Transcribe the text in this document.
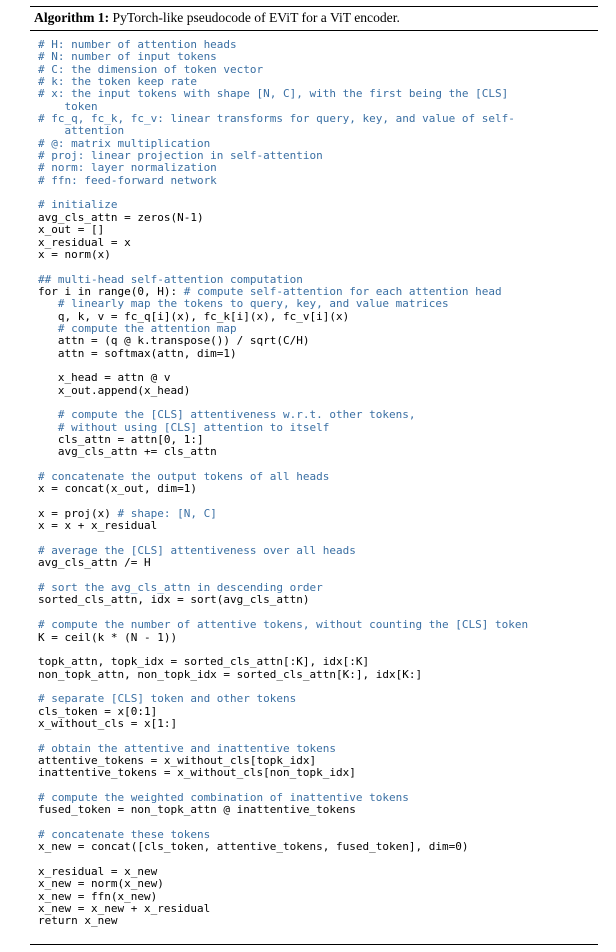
Algorithm 1: PyTorch-like pseudocode of EViT for a ViT encoder.
# H: number of attention heads
# N: number of input tokens
# C: the dimension of token vector
# k: the token keep rate
# x: the input tokens with shape [N, C], with the first being the [CLS]
token
# fc_q, fc_k, fc_v: linear transforms for query, key, and value of self-
attention
# @: matrix multiplication
# proj: linear projection in self-attention
# norm: layer normalization
# ffn: feed-forward network
# initialize
avg_cls_attn = zeros(N-1)
x_out = []
x_residual = x
x = norm(x)
## multi-head self-attention computation
for i in range(0, H): # compute self-attention for each attention head
# linearly map the tokens to query, key, and value matrices
q, k, v = fc_q[i](x), fc_k[i](x), fc_v[i](x)
# compute the attention map
attn = (q @ k.transpose()) / sqrt(C/H)
attn = softmax(attn, dim=1)
x_head = attn @ v
x_out.append(x_head)
# compute the [CLS] attentiveness w.r.t. other tokens,
# without using [CLS] attention to itself
cls_attn = attn[0, 1:]
avg_cls_attn += cls_attn
# concatenate the output tokens of all heads
x = concat(x_out, dim=1)
x = proj(x) # shape: [N, C]
x = x + x_residual
# average the [CLS] attentiveness over all heads
avg_cls_attn /= H
# sort the avg_cls_attn in descending order
sorted_cls_attn, idx = sort(avg_cls_attn)
# compute the number of attentive tokens, without counting the [CLS] token
K = ceil(k * (N - 1))
topk_attn, topk_idx = sorted_cls_attn[:K], idx[:K]
non_topk_attn, non_topk_idx = sorted_cls_attn[K:], idx[K:]
# separate [CLS] token and other tokens
cls_token = x[0:1]
x_without_cls = x[1:]
# obtain the attentive and inattentive tokens
attentive_tokens = x_without_cls[topk_idx]
inattentive_tokens = x_without_cls[non_topk_idx]
# compute the weighted combination of inattentive tokens
fused_token = non_topk_attn @ inattentive_tokens
# concatenate these tokens
x_new = concat([cls_token, attentive_tokens, fused_token], dim=0)
x_residual = x_new
x_new = norm(x_new)
x_new = ffn(x_new)
x_new = x_new + x_residual
return x_new
